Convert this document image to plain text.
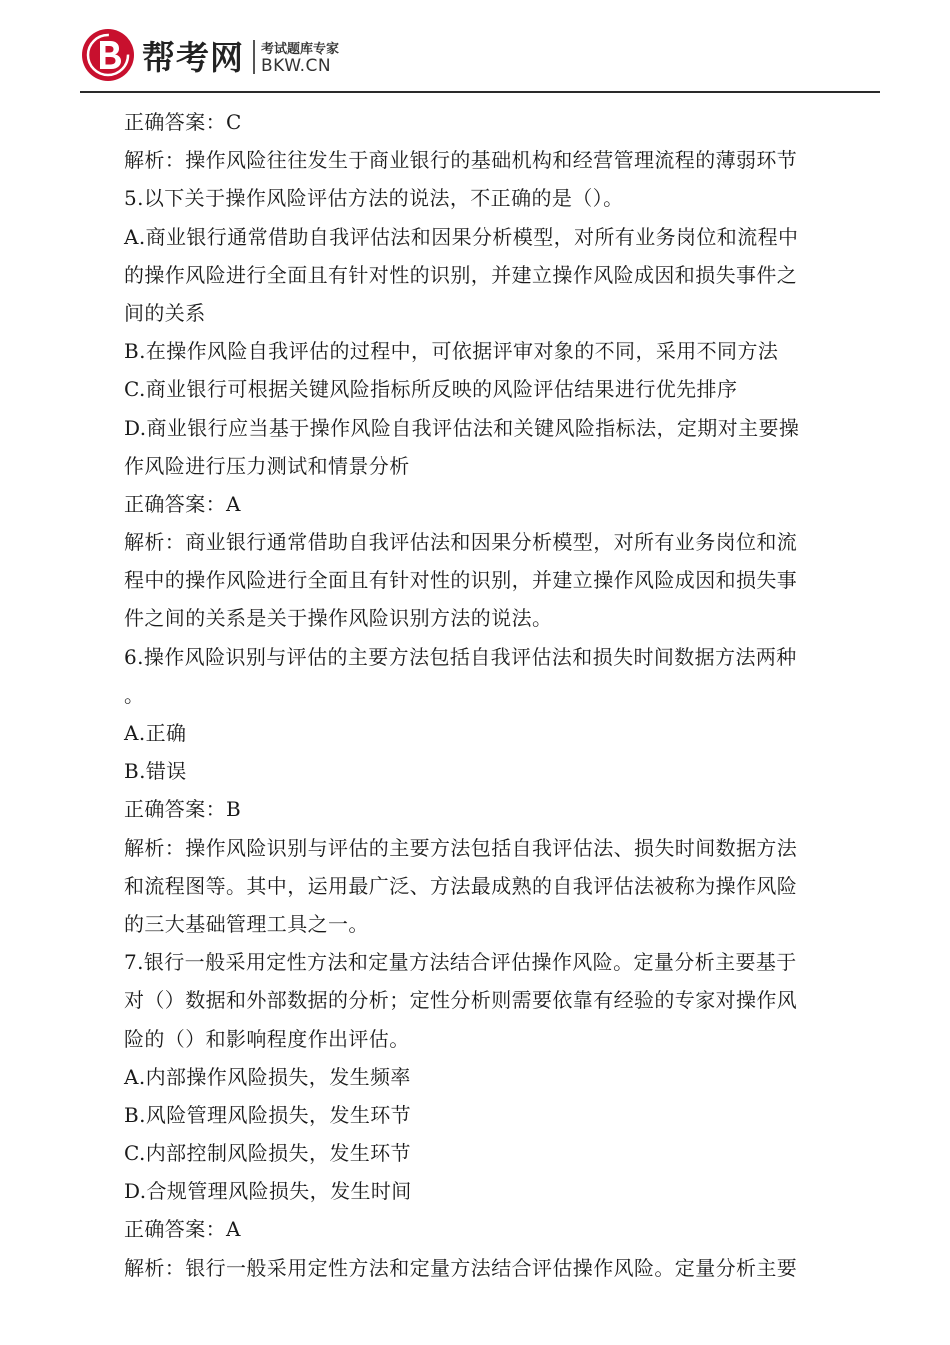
帮考网 考试题库专家
BKW.CN
正确答案：C
解析：操作风险往往发生于商业银行的基础机构和经营管理流程的薄弱环节
5.以下关于操作风险评估方法的说法，不正确的是（）。
A.商业银行通常借助自我评估法和因果分析模型，对所有业务岗位和流程中
的操作风险进行全面且有针对性的识别，并建立操作风险成因和损失事件之
间的关系
B.在操作风险自我评估的过程中，可依据评审对象的不同，采用不同方法
C.商业银行可根据关键风险指标所反映的风险评估结果进行优先排序
D.商业银行应当基于操作风险自我评估法和关键风险指标法，定期对主要操
作风险进行压力测试和情景分析
正确答案：A
解析：商业银行通常借助自我评估法和因果分析模型，对所有业务岗位和流
程中的操作风险进行全面且有针对性的识别，并建立操作风险成因和损失事
件之间的关系是关于操作风险识别方法的说法。
6.操作风险识别与评估的主要方法包括自我评估法和损失时间数据方法两种
。
A.正确
B.错误
正确答案：B
解析：操作风险识别与评估的主要方法包括自我评估法、损失时间数据方法
和流程图等。其中，运用最广泛、方法最成熟的自我评估法被称为操作风险
的三大基础管理工具之一。
7.银行一般采用定性方法和定量方法结合评估操作风险。定量分析主要基于
对（）数据和外部数据的分析；定性分析则需要依靠有经验的专家对操作风
险的（）和影响程度作出评估。
A.内部操作风险损失，发生频率
B.风险管理风险损失，发生环节
C.内部控制风险损失，发生环节
D.合规管理风险损失，发生时间
正确答案：A
解析：银行一般采用定性方法和定量方法结合评估操作风险。定量分析主要
